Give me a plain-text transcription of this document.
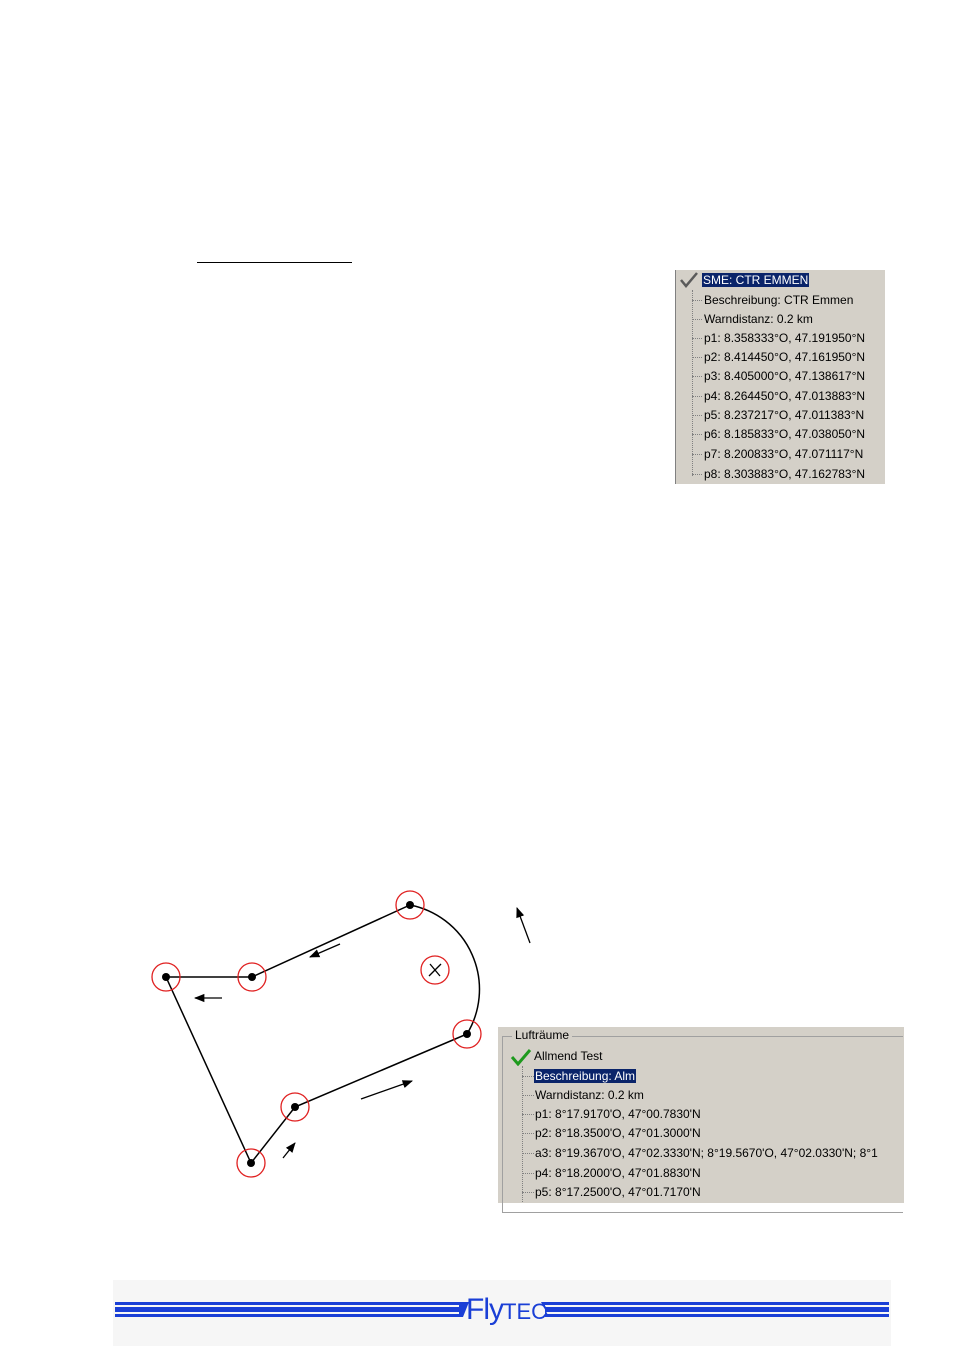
SME: CTR EMMEN
Beschreibung: CTR Emmen
Warndistanz: 0.2 km
p1: 8.358333°O, 47.191950°N
p2: 8.414450°O, 47.161950°N
p3: 8.405000°O, 47.138617°N
p4: 8.264450°O, 47.013883°N
p5: 8.237217°O, 47.011383°N
p6: 8.185833°O, 47.038050°N
p7: 8.200833°O, 47.071117°N
p8: 8.303883°O, 47.162783°N
Lufträume
Allmend Test
Beschreibung: Alm
Warndistanz: 0.2 km
p1: 8°17.9170'O, 47°00.7830'N
p2: 8°18.3500'O, 47°01.3000'N
a3: 8°19.3670'O, 47°02.3330'N; 8°19.5670'O, 47°02.0330'N; 8°1
p4: 8°18.2000'O, 47°01.8830'N
p5: 8°17.2500'O, 47°01.7170'N
FlyTEC
